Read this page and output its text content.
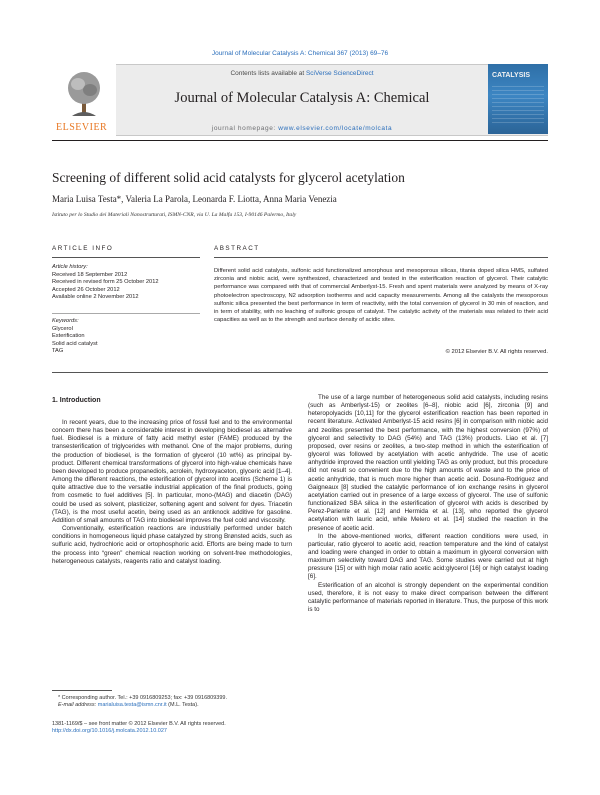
Journal of Molecular Catalysis A: Chemical 367 (2013) 69–76
ELSEVIER
Contents lists available at SciVerse ScienceDirect
Journal of Molecular Catalysis A: Chemical
journal homepage: www.elsevier.com/locate/molcata
CATALYSIS
Screening of different solid acid catalysts for glycerol acetylation
Maria Luisa Testa*, Valeria La Parola, Leonarda F. Liotta, Anna Maria Venezia
Istituto per lo Studio dei Materiali Nanostrutturati, ISMN-CNR, via U. La Malfa 153, I-90146 Palermo, Italy
ARTICLE INFO
Article history:
Received 18 September 2012
Received in revised form 25 October 2012
Accepted 26 October 2012
Available online 2 November 2012
Keywords:
Glycerol
Esterification
Solid acid catalyst
TAG
ABSTRACT
Different solid acid catalysts, sulfonic acid functionalized amorphous and mesoporous silicas, titania doped silica HMS, sulfated zirconia and niobic acid, were synthesized, characterized and tested in the esterification reaction of glycerol. Their catalytic performance was compared with that of commercial Amberlyst-15. Fresh and spent materials were analyzed by means of X-ray photoelectron spectroscopy, N2 adsorption isotherms and acid capacity measurements. Among all the catalysts the mesoporous sulfonic silica presented the best performance in term of reactivity, with the total conversion of glycerol in 30 min of reaction, and in term of stability, with no leaching of sulfonic groups of catalyst. The catalytic activity of the materials was related to their acid capacities as well as to the strength and surface density of acidic sites.
© 2012 Elsevier B.V. All rights reserved.
1. Introduction

In recent years, due to the increasing price of fossil fuel and to the environmental concern there has been a considerable interest in developing biodiesel as alternative fuel. Biodiesel is a mixture of fatty acid methyl ester (FAME) produced by the transesterification of triglycerides with methanol. One of the major problems, during the production of biodiesel, is the formation of glycerol (10 wt%) as principal by-product. Different chemical transformations of glycerol into high-value chemicals have been developed to produce propanediols, acrolein, hydroxyaceton, glyceric acid [1–4]. Among the different reactions, the esterification of glycerol into acetins (Scheme 1) is quite attractive due to the versatile industrial application of the final products, going from cosmetic to fuel additives [5]. In particular, mono-(MAG) and diacetin (DAG) could be used as solvent, plasticizer, softening agent and solvent for dyes. Triacetin (TAG), is the most useful acetin, being used as an antiknock additive for gasoline. Addition of small amounts of TAG into biodiesel improves the fuel cold and viscosity.

Conventionally, esterification reactions are industrially performed under batch conditions in homogeneous liquid phase catalyzed by strong Brønsted acids, such as sulfuric acid, hydrochloric acid or ortophosphoric acid. Efforts are being made to turn the process into “green” chemical reaction working on solvent-free methodologies, heterogeneous catalysts, reagents ratio and catalyst loading.

The use of a large number of heterogeneous solid acid catalysts, including resins (such as Amberlyst-15) or zeolites [6–8], niobic acid [6], zirconia [9] and heteropolyacids [10,11] for the glycerol esterification reaction has been reported in recent literature. Activated Amberlyst-15 acid resins [6] in comparison with niobic acid and zeolites presented the best performance, with the highest conversion (97%) of glycerol and selectivity to DAG (54%) and TAG (13%) products. Liao et al. [7] proposed, over resins or zeolites, a two-step method in which the esterification of glycerol was followed by acetylation with acetic anhydride. The use of acetic anhydride improved the reaction until yielding TAG as only product, but this procedure did not result so convenient due to the high amounts of waste and to the price of acetic anhydride, that is much more higher than acetic acid. Dosuna-Rodriguez and Gaigneaux [8] studied the catalytic performance of ion exchange resins in glycerol acetylation carried out in presence of a large excess of glycerol. The use of sulfonic functionalized SBA silica in the esterification of glycerol with acids is described by Perez-Pariente et al. [12] and Hermida et al. [13], who reported the glycerol acetylation with lauric acid, while Melero et al. [14] studied the reaction in the presence of acetic acid.

In the above-mentioned works, different reaction conditions were used, in particular, ratio glycerol to acetic acid, reaction temperature and the kind of catalyst and loading were changed in order to obtain a maximum in glycerol conversion with maximum selectivity toward DAG and TAG. Some studies were carried out at high pressure [15] or with high molar ratio acetic acid:glycerol [16] or high catalyst loading [6].

Esterification of an alcohol is strongly dependent on the experimental condition used, therefore, it is not easy to make direct comparison between the different catalytic performance of materials reported in literature. Thus, the purpose of this work is to

* Corresponding author. Tel.: +39 0916809253; fax: +39 0916809399.
E-mail address: marialuisa.testa@ismn.cnr.it (M.L. Testa).
1381-1169/$ – see front matter © 2012 Elsevier B.V. All rights reserved.
http://dx.doi.org/10.1016/j.molcata.2012.10.027
